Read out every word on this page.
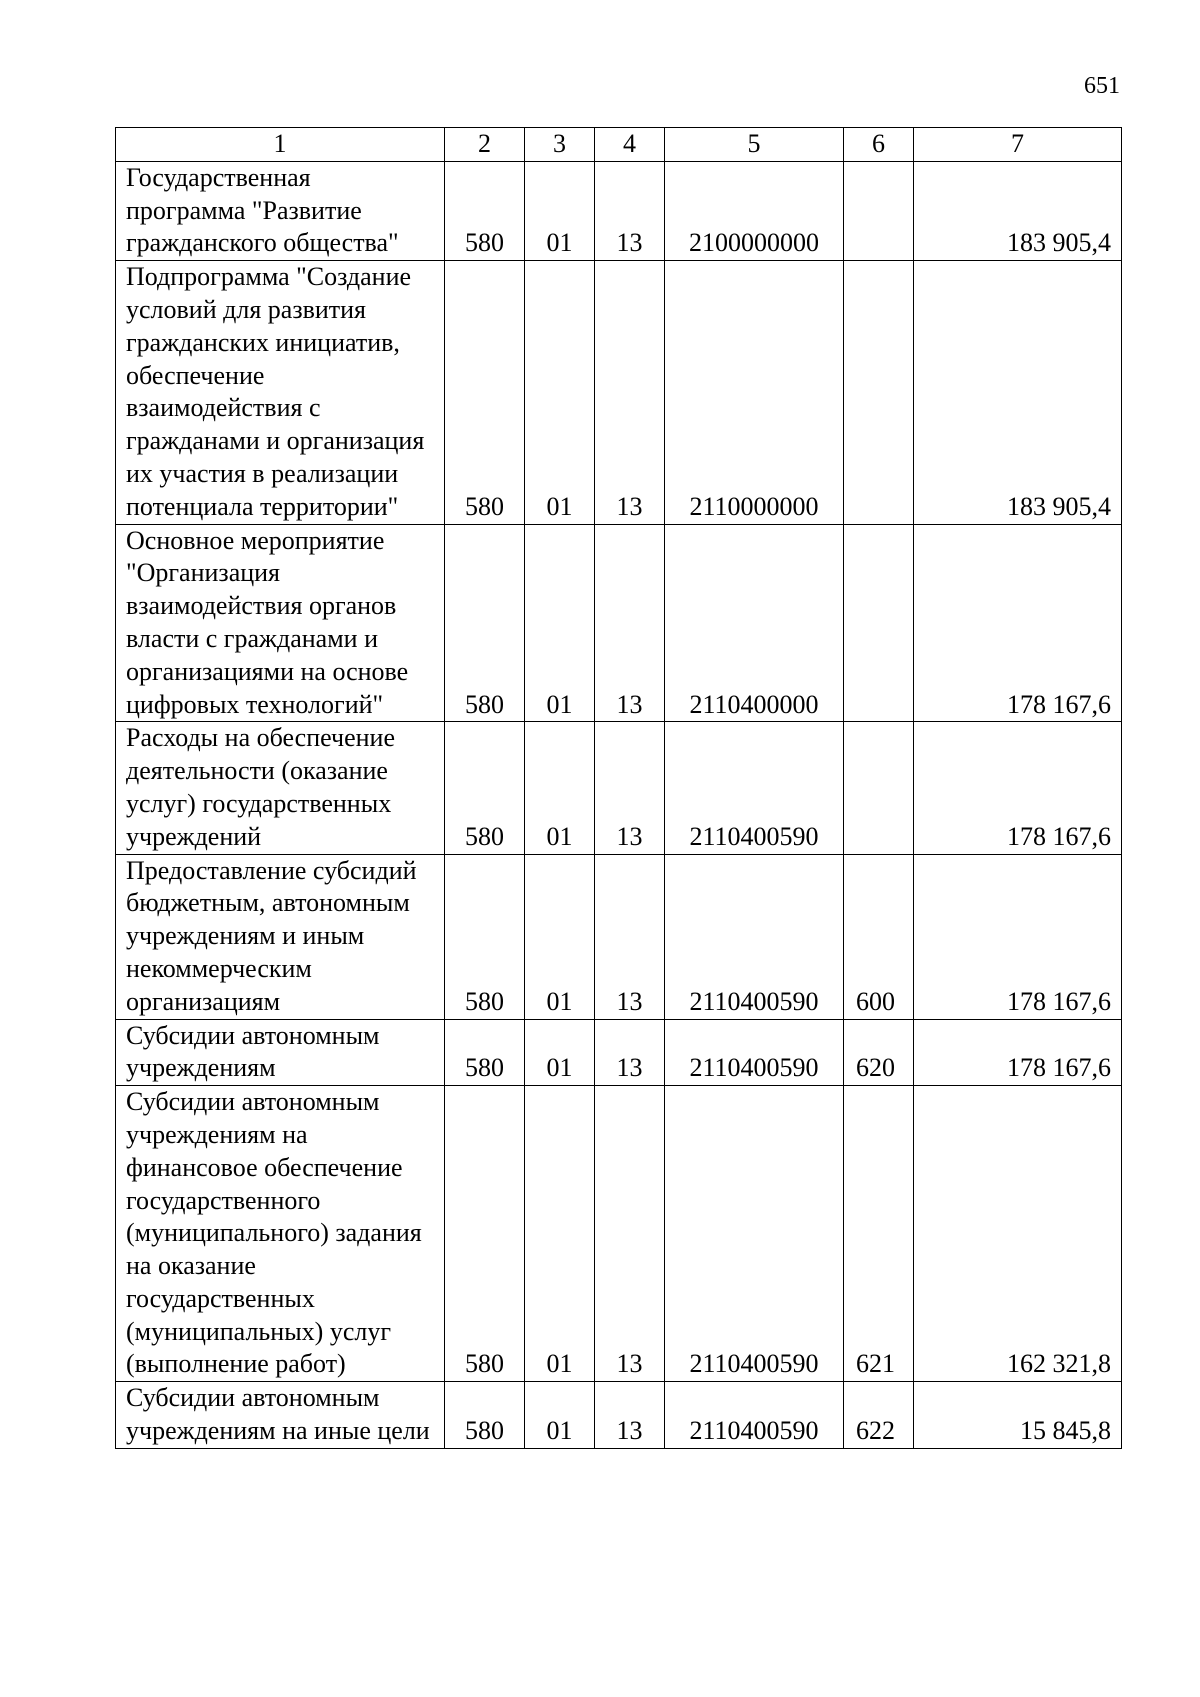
651
1	2	3	4	5	6	7

Государственная программа "Развитие гражданского общества"	580	01	13	2100000000		183 905,4

Подпрограмма "Создание условий для развития гражданских инициатив, обеспечение взаимодействия с гражданами и организация их участия в реализации потенциала территории"	580	01	13	2110000000		183 905,4

Основное мероприятие "Организация взаимодействия органов власти с гражданами и организациями на основе цифровых технологий"	580	01	13	2110400000		178 167,6

Расходы на обеспечение деятельности (оказание услуг) государственных учреждений	580	01	13	2110400590		178 167,6

Предоставление субсидий бюджетным, автономным учреждениям и иным некоммерческим организациям	580	01	13	2110400590	600	178 167,6

Субсидии автономным учреждениям	580	01	13	2110400590	620	178 167,6

Субсидии автономным учреждениям на финансовое обеспечение государственного (муниципального) задания на оказание государственных (муниципальных) услуг (выполнение работ)	580	01	13	2110400590	621	162 321,8

Субсидии автономным учреждениям на иные цели	580	01	13	2110400590	622	15 845,8
